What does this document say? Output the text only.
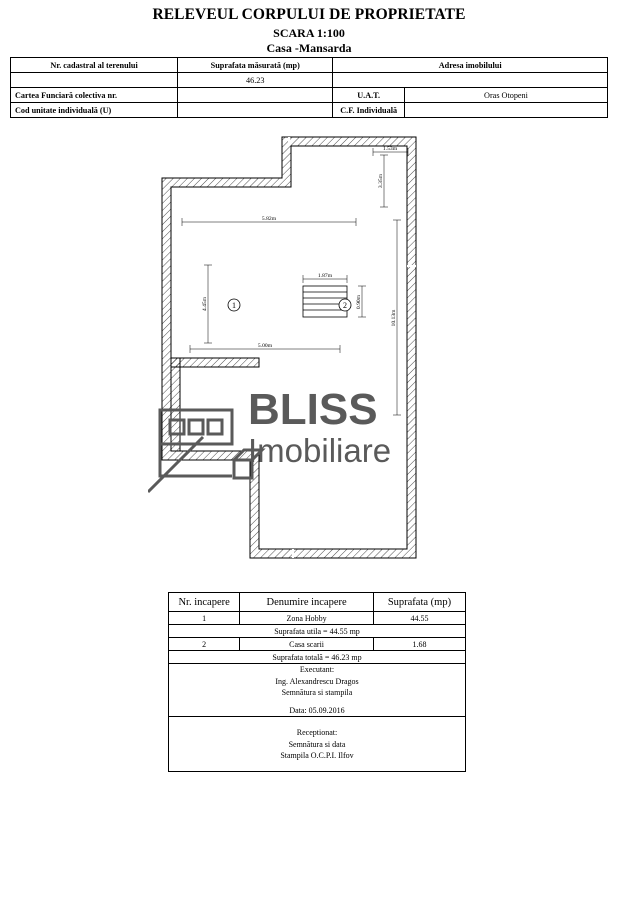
RELEVEUL CORPULUI DE PROPRIETATE
SCARA 1:100
Casa -Mansarda
Nr. cadastral al terenului	Suprafata măsurată (mp)	Adresa imobilului	
	46.23		
Cartea Funciară colectiva nr.		U.A.T.	Oras Otopeni
Cod unitate individuală (U)		C.F. Individuală	
1	2
1.53m
3.35m
5.82m
4.45m
1.87m
0.90m
5.00m
10.13m
BLISS
Imobiliare
Nr. incapere	Denumire incapere	Suprafata (mp)
1	Zona Hobby	44.55
Suprafata utila = 44.55 mp		
2	Casa scarii	1.68
Suprafata totală = 46.23 mp		

Executant:
Ing. Alexandrescu Dragos
Semnătura si stampila
Data: 05.09.2016		

Receptionat:
Semnătura si data
Stampila O.C.P.I. Ilfov		
